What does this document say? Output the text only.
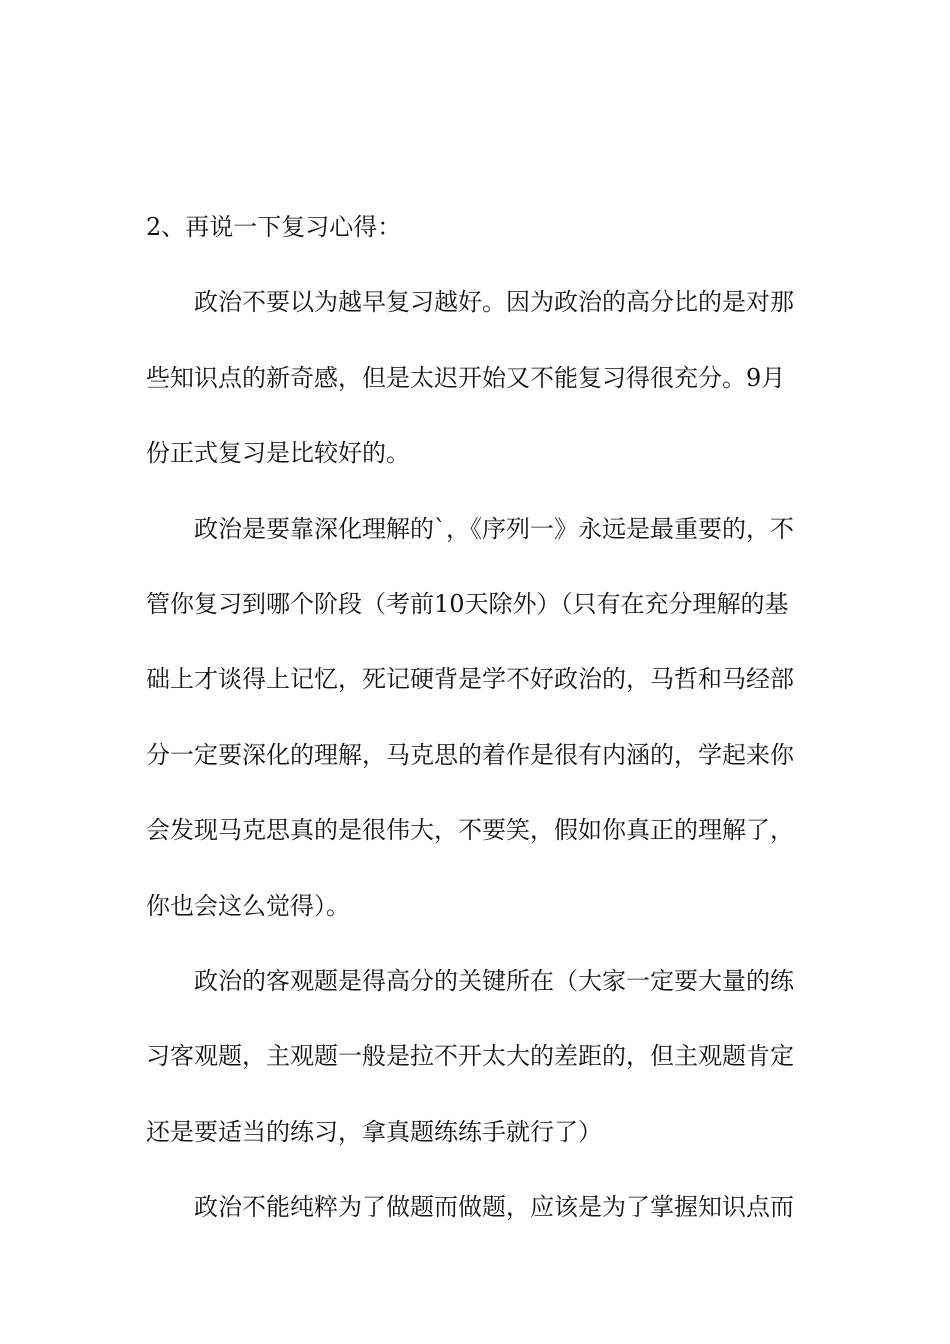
2、再说一下复习心得：
政治不要以为越早复习越好。因为政治的高分比的是对那
些知识点的新奇感，但是太迟开始又不能复习得很充分。9月
份正式复习是比较好的。
政治是要靠深化理解的`，《序列一》永远是最重要的，不
管你复习到哪个阶段（考前10天除外）（只有在充分理解的基
础上才谈得上记忆，死记硬背是学不好政治的，马哲和马经部
分一定要深化的理解，马克思的着作是很有内涵的，学起来你
会发现马克思真的是很伟大，不要笑，假如你真正的理解了，
你也会这么觉得）。
政治的客观题是得高分的关键所在（大家一定要大量的练
习客观题，主观题一般是拉不开太大的差距的，但主观题肯定
还是要适当的练习，拿真题练练手就行了）
政治不能纯粹为了做题而做题，应该是为了掌握知识点而
